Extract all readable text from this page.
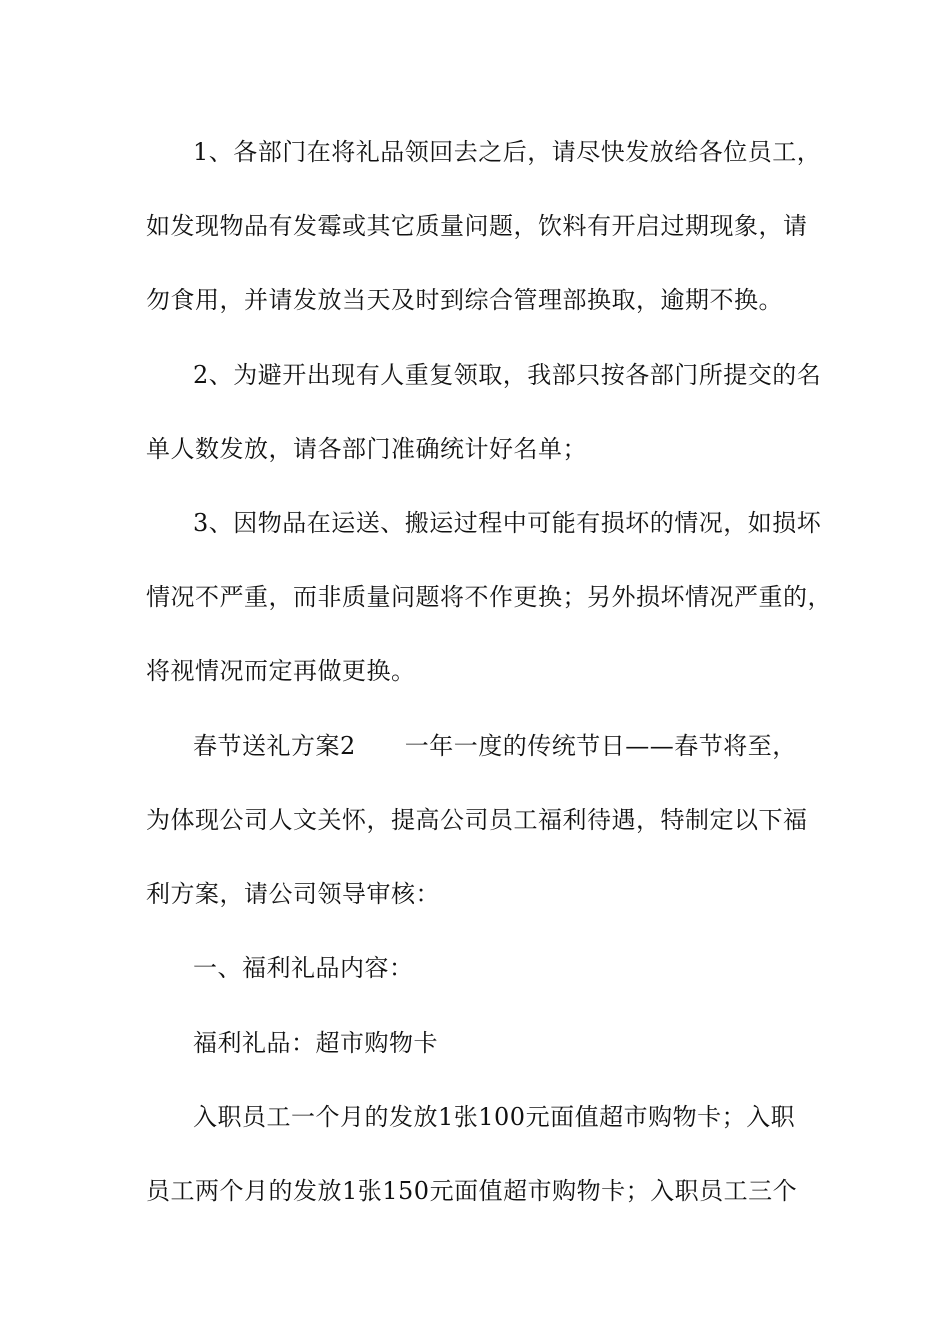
1、各部门在将礼品领回去之后，请尽快发放给各位员工，
如发现物品有发霉或其它质量问题，饮料有开启过期现象，请
勿食用，并请发放当天及时到综合管理部换取，逾期不换。
2、为避开出现有人重复领取，我部只按各部门所提交的名
单人数发放，请各部门准确统计好名单；
3、因物品在运送、搬运过程中可能有损坏的情况，如损坏
情况不严重，而非质量问题将不作更换；另外损坏情况严重的，
将视情况而定再做更换。
春节送礼方案2　　一年一度的传统节日——春节将至，
为体现公司人文关怀，提高公司员工福利待遇，特制定以下福
利方案，请公司领导审核：
一、福利礼品内容：
福利礼品：超市购物卡
入职员工一个月的发放1张100元面值超市购物卡；入职
员工两个月的发放1张150元面值超市购物卡；入职员工三个
